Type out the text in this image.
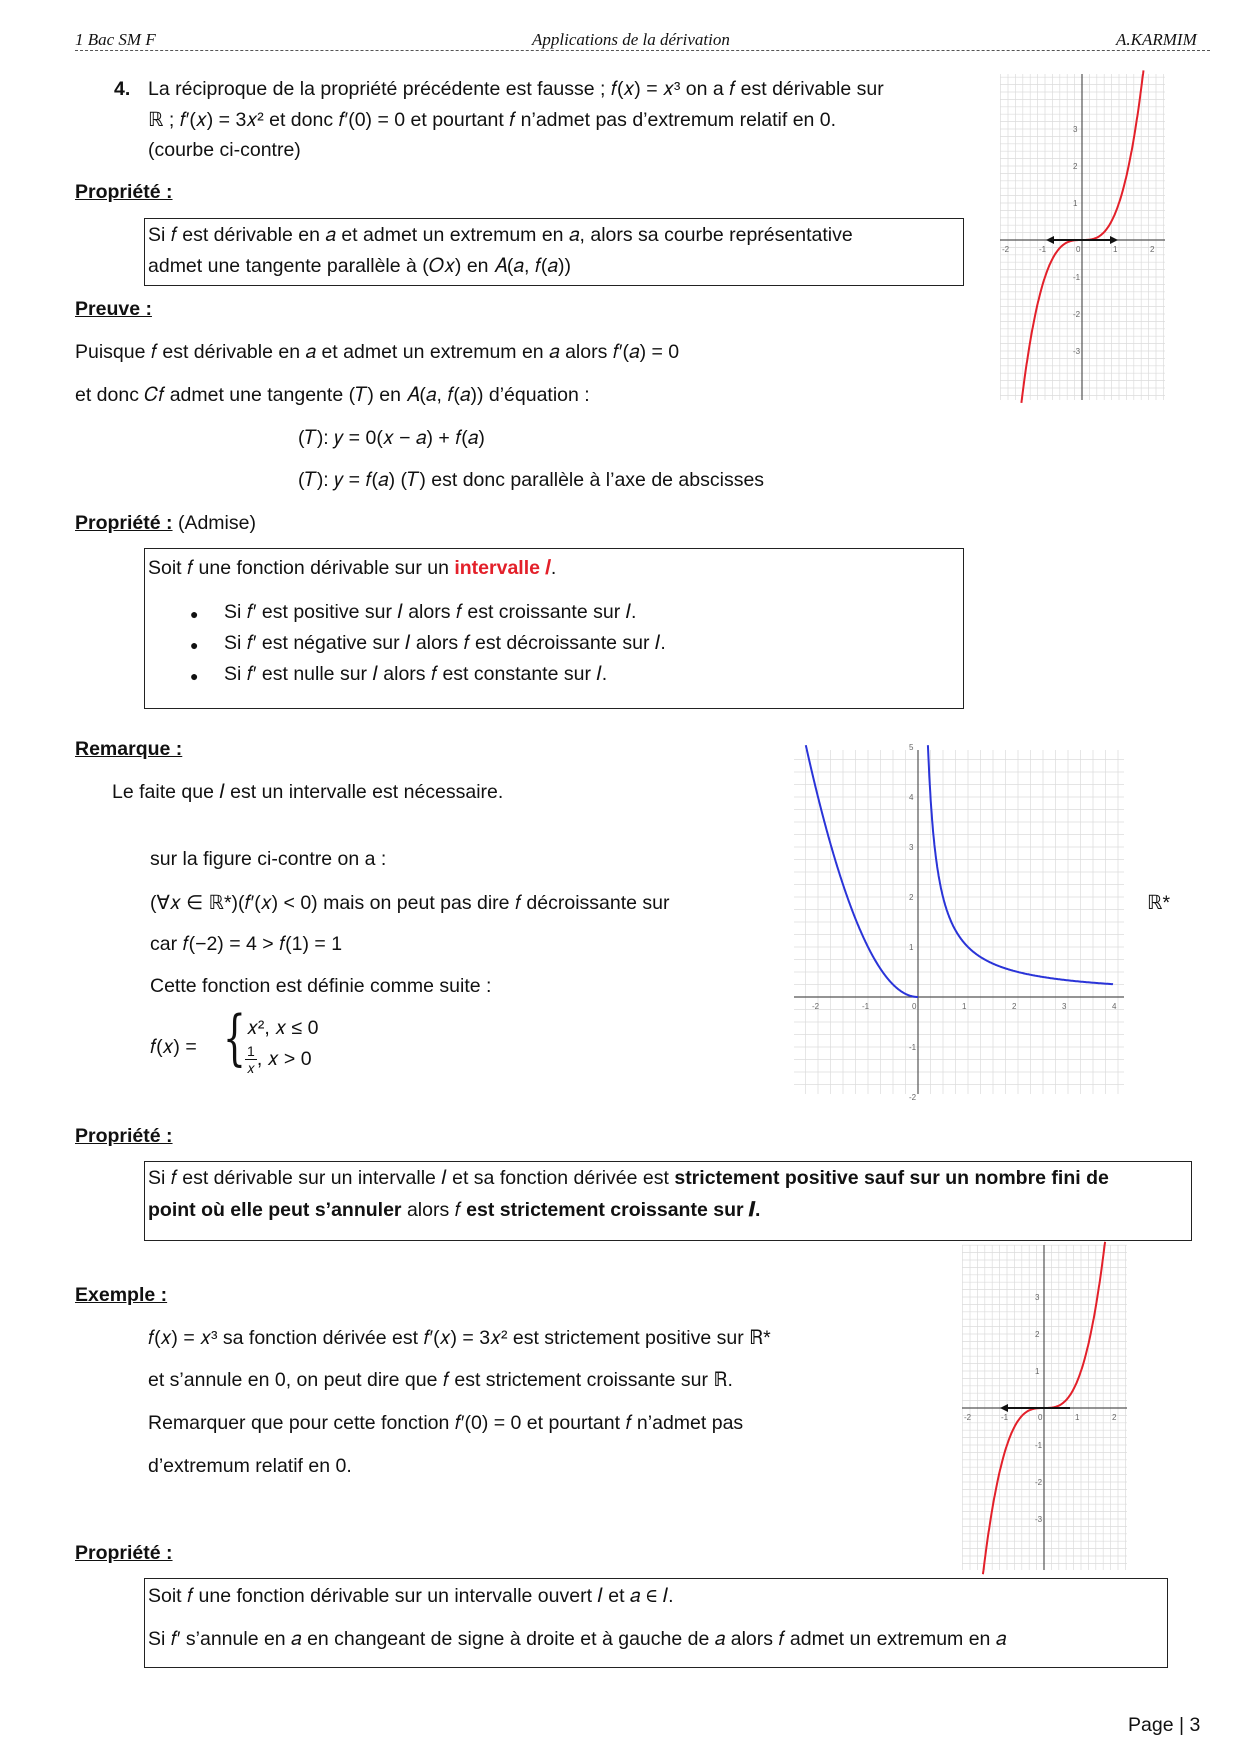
1 Bac SM F	Applications de la dérivation	A.KARMIM
4. La réciproque de la propriété précédente est fausse ; 𝑓(𝑥) = 𝑥³ on a 𝑓 est dérivable sur
ℝ ; 𝑓′(𝑥) = 3𝑥² et donc 𝑓′(0) = 0 et pourtant 𝑓 n’admet pas d’extremum relatif en 0.
(courbe ci-contre)
-2	-1	0	1	2
3
2
1
-1
-2
-3
Propriété :
Si 𝑓 est dérivable en 𝑎 et admet un extremum en 𝑎, alors sa courbe représentative
admet une tangente parallèle à (𝑂𝑥) en 𝐴(𝑎, 𝑓(𝑎))
Preuve :
Puisque 𝑓 est dérivable en 𝑎 et admet un extremum en 𝑎 alors 𝑓′(𝑎) = 0
et donc 𝐶𝑓 admet une tangente (𝑇) en 𝐴(𝑎, 𝑓(𝑎)) d’équation :
(𝑇): 𝑦 = 0(𝑥 − 𝑎) + 𝑓(𝑎)
(𝑇): 𝑦 = 𝑓(𝑎) (𝑇) est donc parallèle à l’axe de abscisses
Propriété : (Admise)
Soit 𝑓 une fonction dérivable sur un intervalle 𝐼.
● Si 𝑓′ est positive sur 𝐼 alors 𝑓 est croissante sur 𝐼.
● Si 𝑓′ est négative sur 𝐼 alors 𝑓 est décroissante sur 𝐼.
● Si 𝑓′ est nulle sur 𝐼 alors 𝑓 est constante sur 𝐼.
Remarque :
Le faite que 𝐼 est un intervalle est nécessaire.
sur la figure ci-contre on a :
(∀𝑥 ∈ ℝ*)(𝑓′(𝑥) < 0) mais on peut pas dire 𝑓 décroissante sur	ℝ*
car 𝑓(−2) = 4 > 𝑓(1) = 1
Cette fonction est définie comme suite :
𝑓(𝑥) = { 𝑥², 𝑥 ≤ 0
1
𝑥 , 𝑥 > 0
-2	-1	0	1	2	3	4
5
4
3
2
1
-1
-2
Propriété :
Si 𝑓 est dérivable sur un intervalle 𝐼 et sa fonction dérivée est strictement positive sauf sur un nombre fini de
point où elle peut s’annuler alors 𝑓 est strictement croissante sur 𝑰.
Exemple :
𝑓(𝑥) = 𝑥³ sa fonction dérivée est 𝑓′(𝑥) = 3𝑥² est strictement positive sur ℝ*
et s’annule en 0, on peut dire que 𝑓 est strictement croissante sur ℝ.
Remarquer que pour cette fonction 𝑓′(0) = 0 et pourtant 𝑓 n’admet pas
d’extremum relatif en 0.
-2	-1	0	1	2
3
2
1
-1
-2
-3
Propriété :
Soit 𝑓 une fonction dérivable sur un intervalle ouvert 𝐼 et 𝑎 ∈ 𝐼.
Si 𝑓′ s’annule en 𝑎 en changeant de signe à droite et à gauche de 𝑎 alors 𝑓 admet un extremum en 𝑎
Page | 3
